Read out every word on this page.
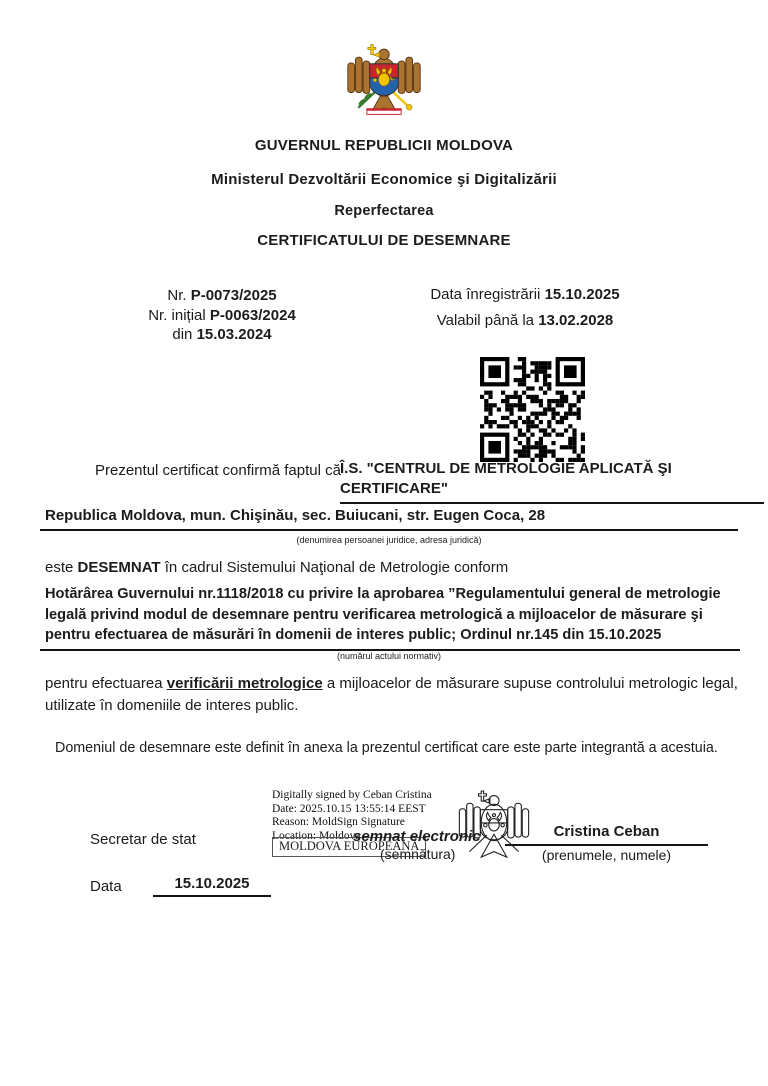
GUVERNUL REPUBLICII MOLDOVA
Ministerul Dezvoltării Economice şi Digitalizării
Reperfectarea
CERTIFICATULUI DE DESEMNARE
Nr. P-0073/2025
Nr. inițial P-0063/2024
din 15.03.2024
Data înregistrării 15.10.2025
Valabil până la 13.02.2028
Prezentul certificat confirmă faptul că Î.S. "CENTRUL DE METROLOGIE APLICATĂ ŞI CERTIFICARE"
Republica Moldova, mun. Chişinău, sec. Buiucani, str. Eugen Coca, 28
(denumirea persoanei juridice, adresa juridică)
este DESEMNAT în cadrul Sistemului Naţional de Metrologie conform
Hotărârea Guvernului nr.1118/2018 cu privire la aprobarea ”Regulamentului general de metrologie
legală privind modul de desemnare pentru verificarea metrologică a mijloacelor de măsurare şi
pentru efectuarea de măsurări în domenii de interes public; Ordinul nr.145 din 15.10.2025
(numărul actului normativ)
pentru efectuarea verificării metrologice a mijloacelor de măsurare supuse controlului metrologic legal,
utilizate în domeniile de interes public.
Domeniul de desemnare este definit în anexa la prezentul certificat care este parte integrantă a acestuia.
Secretar de stat
Digitally signed by Ceban Cristina
Date: 2025.10.15 13:55:14 EEST
Reason: MoldSign Signature
Location: Moldova
MOLDOVA EUROPEANĂ
semnat electronic
(semnătura)
Cristina Ceban
(prenumele, numele)
Data	15.10.2025
